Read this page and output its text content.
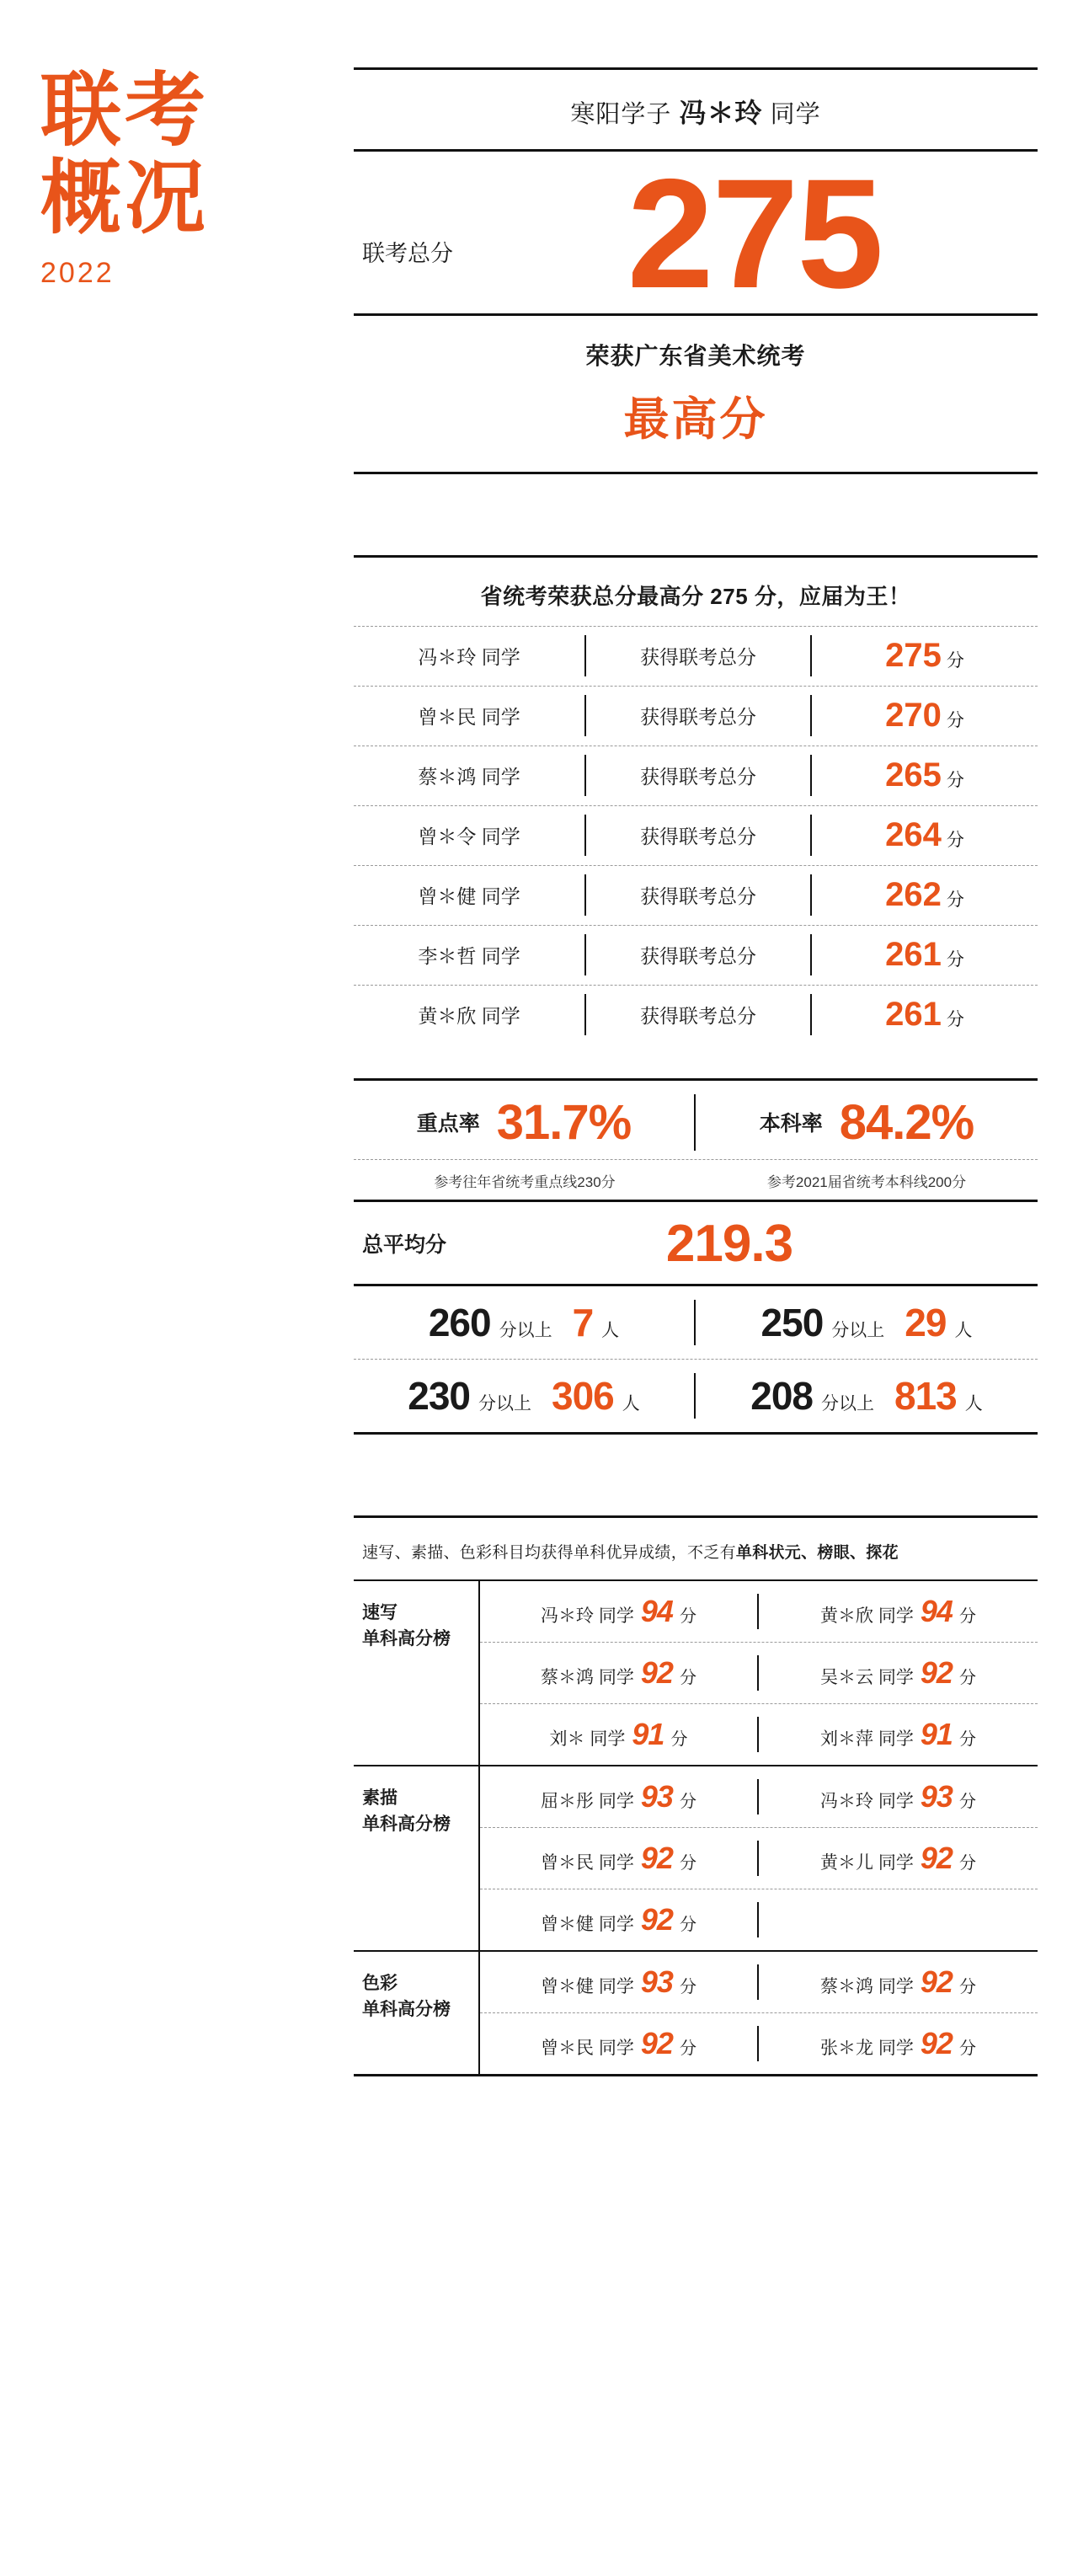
联考
概况
2022
寒阳学子 冯＊玲 同学
联考总分	275
荣获广东省美术统考
最高分
省统考荣获总分最高分 275 分，应届为王！
冯＊玲 同学	获得联考总分	275 分
曾＊民 同学	获得联考总分	270 分
蔡＊鸿 同学	获得联考总分	265 分
曾＊令 同学	获得联考总分	264 分
曾＊健 同学	获得联考总分	262 分
李＊哲 同学	获得联考总分	261 分
黄＊欣 同学	获得联考总分	261 分
重点率 31.7%	本科率 84.2%
参考往年省统考重点线230分	参考2021届省统考本科线200分
总平均分	219.3
260 分以上 7 人	250 分以上 29 人
230 分以上 306 人	208 分以上 813 人
速写、素描、色彩科目均获得单科优异成绩，不乏有单科状元、榜眼、探花
速写
单科高分榜
冯＊玲 同学 94 分	黄＊欣 同学 94 分
蔡＊鸿 同学 92 分	吴＊云 同学 92 分
刘＊ 同学 91 分	刘＊萍 同学 91 分
素描
单科高分榜
屈＊彤 同学 93 分	冯＊玲 同学 93 分
曾＊民 同学 92 分	黄＊儿 同学 92 分
曾＊健 同学 92 分
色彩
单科高分榜
曾＊健 同学 93 分	蔡＊鸿 同学 92 分
曾＊民 同学 92 分	张＊龙 同学 92 分
